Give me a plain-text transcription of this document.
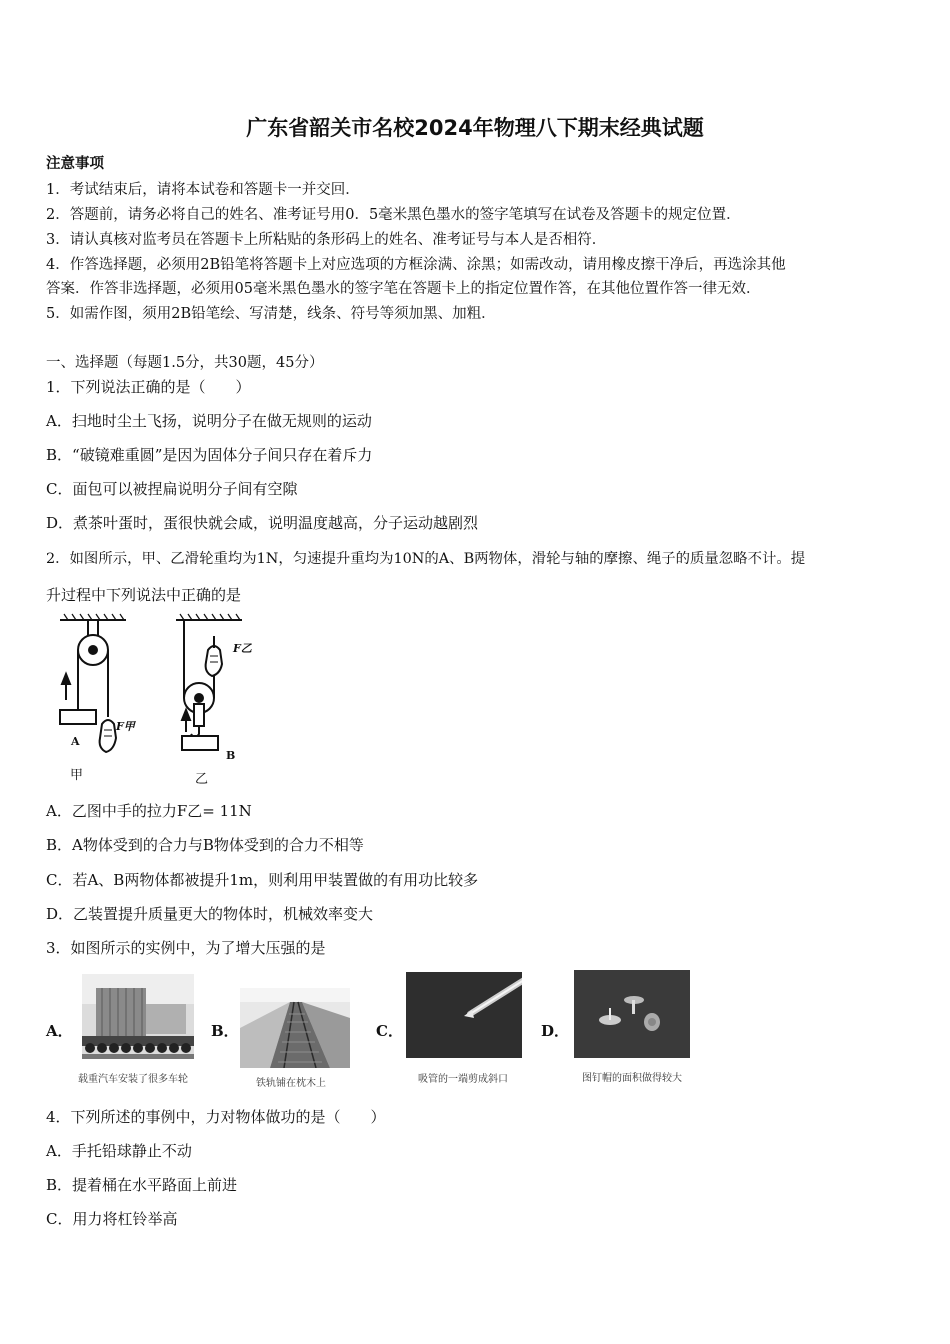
广东省韶关市名校2024年物理八下期末经典试题
注意事项
1．考试结束后，请将本试卷和答题卡一并交回．
2．答题前，请务必将自己的姓名、准考证号用0．5毫米黑色墨水的签字笔填写在试卷及答题卡的规定位置．
3．请认真核对监考员在答题卡上所粘贴的条形码上的姓名、准考证号与本人是否相符．
4．作答选择题，必须用2B铅笔将答题卡上对应选项的方框涂满、涂黑；如需改动，请用橡皮擦干净后，再选涂其他
答案．作答非选择题，必须用05毫米黑色墨水的签字笔在答题卡上的指定位置作答，在其他位置作答一律无效．
5．如需作图，须用2B铅笔绘、写清楚，线条、符号等须加黑、加粗．
一、选择题（每题1.5分，共30题，45分）
1．下列说法正确的是（　　）
A．扫地时尘土飞扬，说明分子在做无规则的运动
B．“破镜难重圆”是因为固体分子间只存在着斥力
C．面包可以被捏扁说明分子间有空隙
D．煮茶叶蛋时，蛋很快就会咸，说明温度越高，分子运动越剧烈
2．如图所示，甲、乙滑轮重均为1N，匀速提升重均为10N的A、B两物体，滑轮与轴的摩擦、绳子的质量忽略不计。提
升过程中下列说法中正确的是
F甲
F乙
A
B
甲	乙
A．乙图中手的拉力F乙= 11N
B．A物体受到的合力与B物体受到的合力不相等
C．若A、B两物体都被提升1m，则利用甲装置做的有用功比较多
D．乙装置提升质量更大的物体时，机械效率变大
3．如图所示的实例中，为了增大压强的是
A．	B．	C．	D．
载重汽车安装了很多车轮	铁轨铺在枕木上	吸管的一端剪成斜口	图钉帽的面积做得较大
4．下列所述的事例中，力对物体做功的是（　　）
A．手托铅球静止不动
B．提着桶在水平路面上前进
C．用力将杠铃举高
